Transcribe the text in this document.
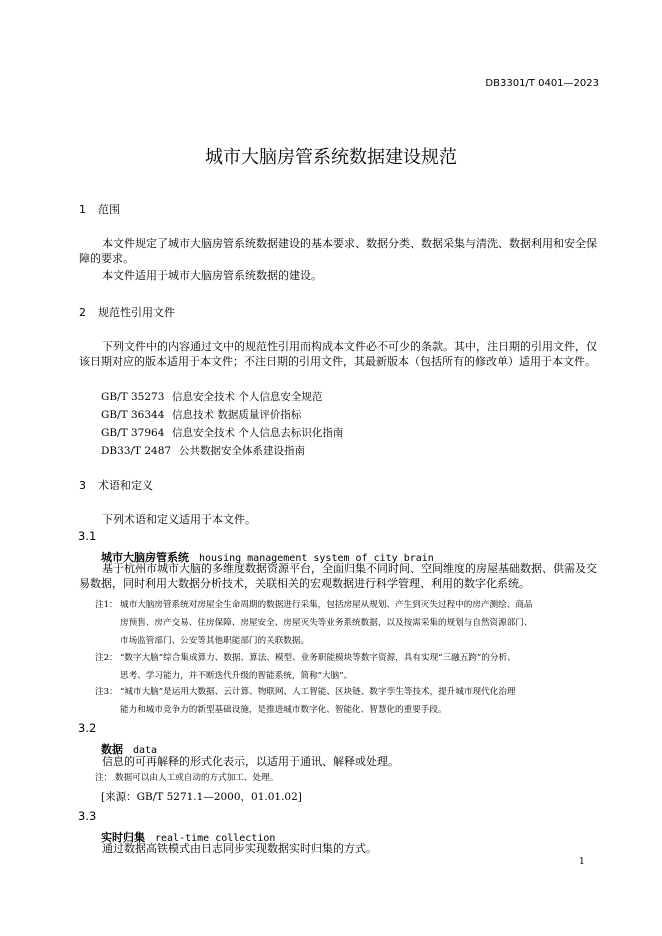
DB3301/T 0401—2023
城市大脑房管系统数据建设规范
1 范围
本文件规定了城市大脑房管系统数据建设的基本要求、数据分类、数据采集与清洗、数据利用和安全保障的要求。
本文件适用于城市大脑房管系统数据的建设。
2 规范性引用文件
下列文件中的内容通过文中的规范性引用而构成本文件必不可少的条款。其中，注日期的引用文件，仅该日期对应的版本适用于本文件；不注日期的引用文件，其最新版本（包括所有的修改单）适用于本文件。
GB/T 35273 信息安全技术 个人信息安全规范
GB/T 36344 信息技术 数据质量评价指标
GB/T 37964 信息安全技术 个人信息去标识化指南
DB33/T 2487 公共数据安全体系建设指南
3 术语和定义
下列术语和定义适用于本文件。
3.1
城市大脑房管系统 housing management system of city brain
基于杭州市城市大脑的多维度数据资源平台，全面归集不同时间、空间维度的房屋基础数据、供需及交易数据，同时利用大数据分析技术，关联相关的宏观数据进行科学管理、利用的数字化系统。
注1： 城市大脑房管系统对房屋全生命周期的数据进行采集，包括房屋从规划、产生到灭失过程中的房产测绘、商品
房预售、房产交易、住房保障、房屋安全、房屋灭失等业务系统数据，以及按需采集的规划与自然资源部门、
市场监管部门、公安等其他职能部门的关联数据。
注2： “数字大脑”综合集成算力、数据、算法、模型、业务职能模块等数字资源，具有实现“三融五跨”的分析、
思考、学习能力，并不断迭代升级的智能系统，简称“大脑”。
注3： “城市大脑”是运用大数据、云计算、物联网、人工智能、区块链、数字孪生等技术，提升城市现代化治理
能力和城市竞争力的新型基础设施，是推进城市数字化、智能化、智慧化的重要手段。
3.2
数据 data
信息的可再解释的形式化表示，以适用于通讯、解释或处理。
注： 数据可以由人工或自动的方式加工、处理。
[来源：GB/T 5271.1—2000，01.01.02]
3.3
实时归集 real-time collection
通过数据高铁模式由日志同步实现数据实时归集的方式。
1
